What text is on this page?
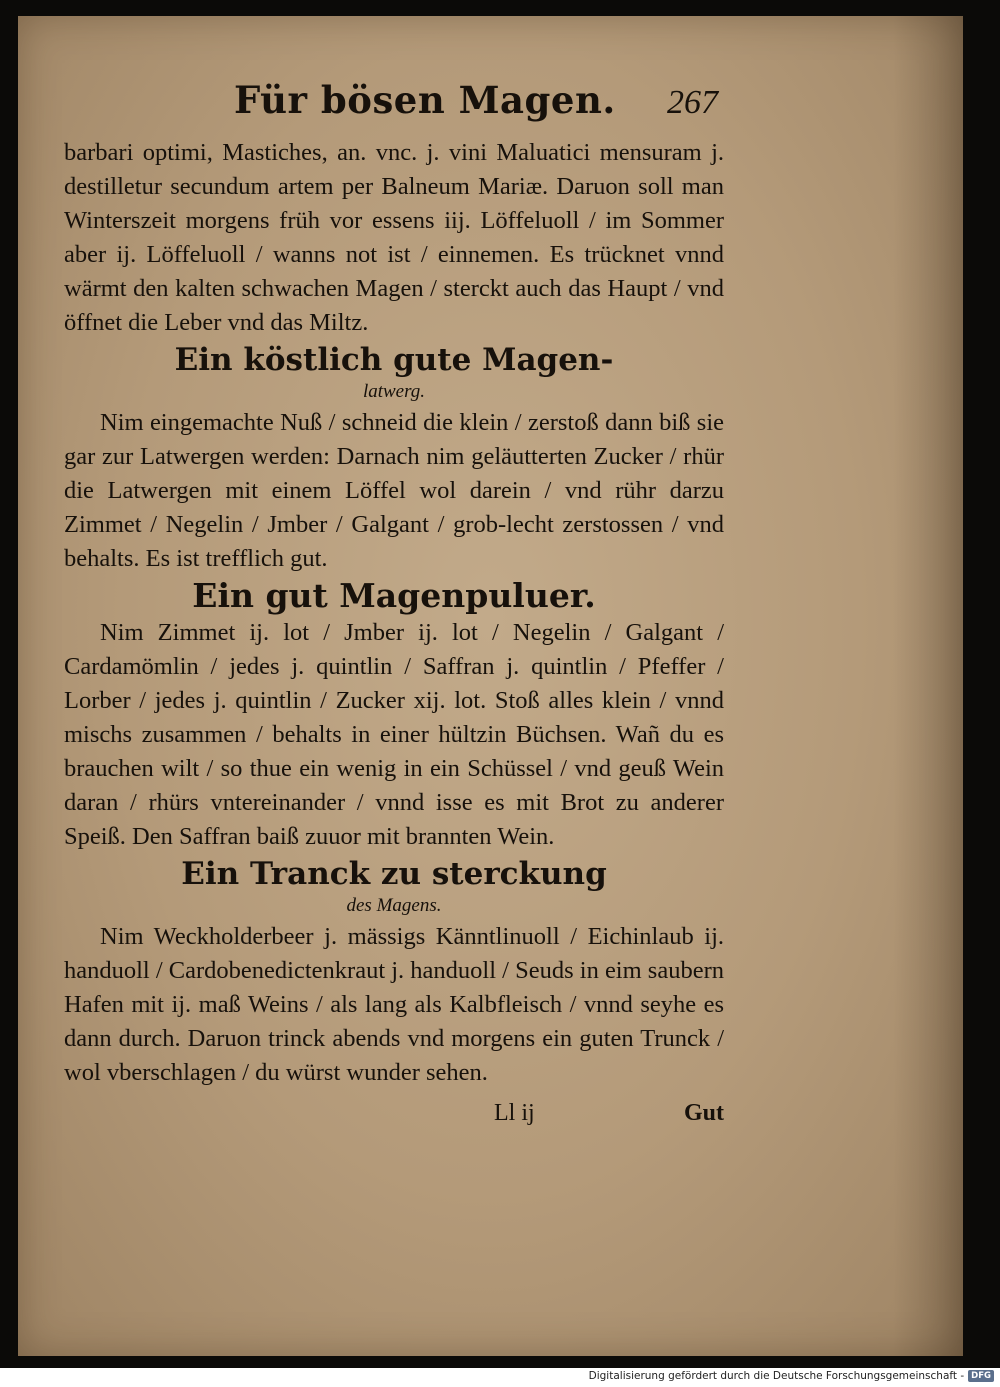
Für bösen Magen. 267

barbari optimi, Mastiches, an. vnc. j. vini Maluatici mensuram j. destilletur secundum artem per Balneum Mariæ. Daruon soll man Winterszeit morgens früh vor essens iij. Löffeluoll / im Sommer aber ij. Löffeluoll / wanns not ist / einnemen. Es trücknet vnnd wärmt den kalten schwachen Magen / sterckt auch das Haupt / vnd öffnet die Leber vnd das Miltz.

Ein köstlich gute Magen-
latwerg.

Nim eingemachte Nuß / schneid die klein / zerstoß dann biß sie gar zur Latwergen werden: Darnach nim geläutterten Zucker / rhür die Latwergen mit einem Löffel wol darein / vnd rühr darzu Zimmet / Negelin / Jmber / Galgant / grob-lecht zerstossen / vnd behalts. Es ist trefflich gut.

Ein gut Magenpuluer.

Nim Zimmet ij. lot / Jmber ij. lot / Negelin / Galgant / Cardamömlin / jedes j. quintlin / Saffran j. quintlin / Pfeffer / Lorber / jedes j. quintlin / Zucker xij. lot. Stoß alles klein / vnnd mischs zusammen / behalts in einer hültzin Büchsen. Wañ du es brauchen wilt / so thue ein wenig in ein Schüssel / vnd geuß Wein daran / rhürs vntereinander / vnnd isse es mit Brot zu anderer Speiß. Den Saffran baiß zuuor mit brannten Wein.

Ein Tranck zu sterckung
des Magens.

Nim Weckholderbeer j. mässigs Känntlinuoll / Eichinlaub ij. handuoll / Cardobenedictenkraut j. handuoll / Seuds in eim saubern Hafen mit ij. maß Weins / als lang als Kalbfleisch / vnnd seyhe es dann durch. Daruon trinck abends vnd morgens ein guten Trunck / wol vberschlagen / du würst wunder sehen.

Ll ij	Gut
Digitalisierung gefördert durch die Deutsche Forschungsgemeinschaft - DFG
